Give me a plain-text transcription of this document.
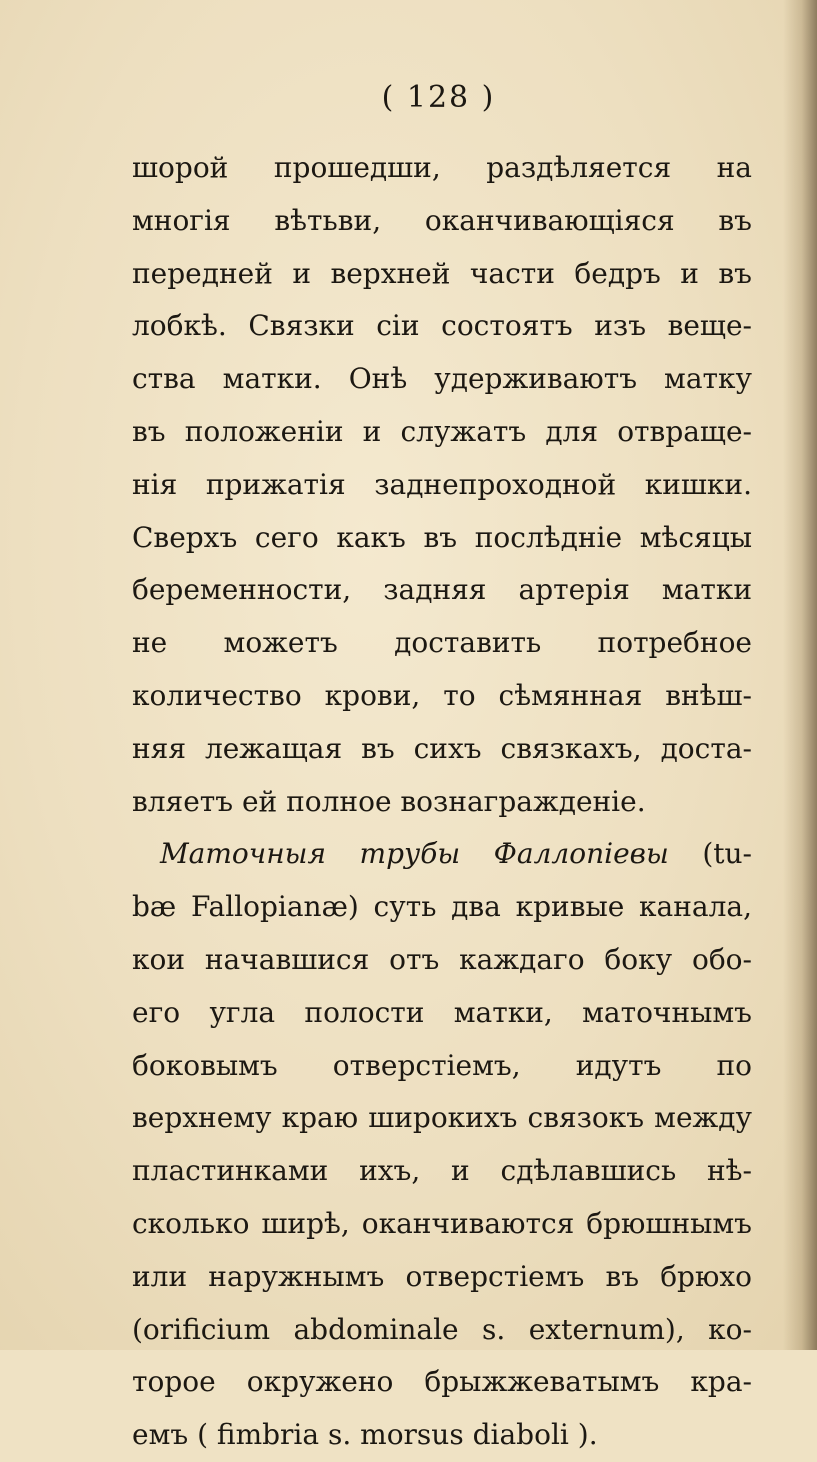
( 128 )
шорой прошедши, раздѣляется на
многія вѣтьви, оканчивающіяся въ
передней и верхней части бедръ и въ
лобкѣ. Связки сіи состоятъ изъ веще-
ства матки. Онѣ удерживаютъ матку
въ положеніи и служатъ для отвраще-
нія прижатія заднепроходной кишки.
Сверхъ сего какъ въ послѣдніе мѣсяцы
беременности, задняя артерія матки
не можетъ доставить потребное
количество крови, то сѣмянная внѣш-
няя лежащая въ сихъ связкахъ, доста-
вляетъ ей полное вознагражденіе.
Маточныя трубы Фаллопіевы (tu-
bæ Fallopianæ) суть два кривые канала,
кои начавшися отъ каждаго боку обо-
его угла полости матки, маточнымъ
боковымъ отверстіемъ, идутъ по
верхнему краю широкихъ связокъ между
пластинками ихъ, и сдѣлавшись нѣ-
сколько ширѣ, оканчиваются брюшнымъ
или наружнымъ отверстіемъ въ брюхо
(orificium abdominale s. externum), ко-
торое окружено брыжжеватымъ кра-
емъ ( fimbria s. morsus diaboli ).
